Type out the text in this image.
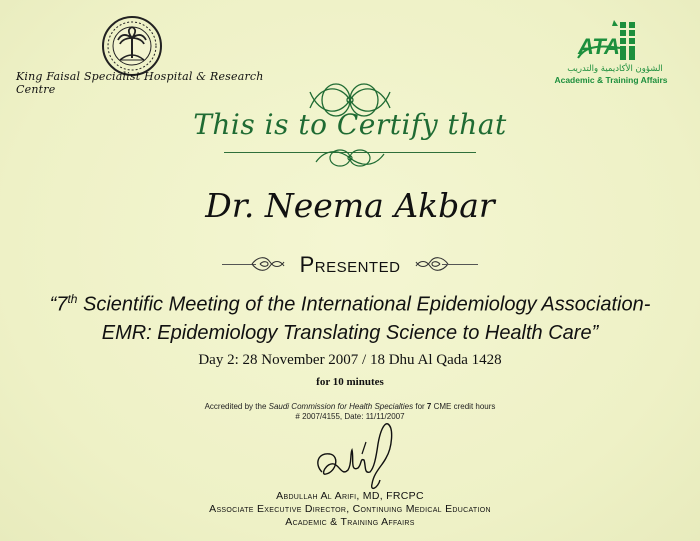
King Faisal Specialist Hospital & Research Centre
ATA
الشؤون الأكاديمية والتدريب
Academic & Training Affairs
This is to Certify that
Dr. Neema Akbar
Presented
“7th Scientific Meeting of the International Epidemiology Association-
EMR: Epidemiology Translating Science to Health Care”
Day 2: 28 November 2007 / 18 Dhu Al Qada 1428
for 10 minutes
Accredited by the Saudi Commission for Health Specialties for 7 CME credit hours
# 2007/4155, Date: 11/11/2007
Abdullah Al Arifi, MD, FRCPC
Associate Executive Director, Continuing Medical Education
Academic & Training Affairs
